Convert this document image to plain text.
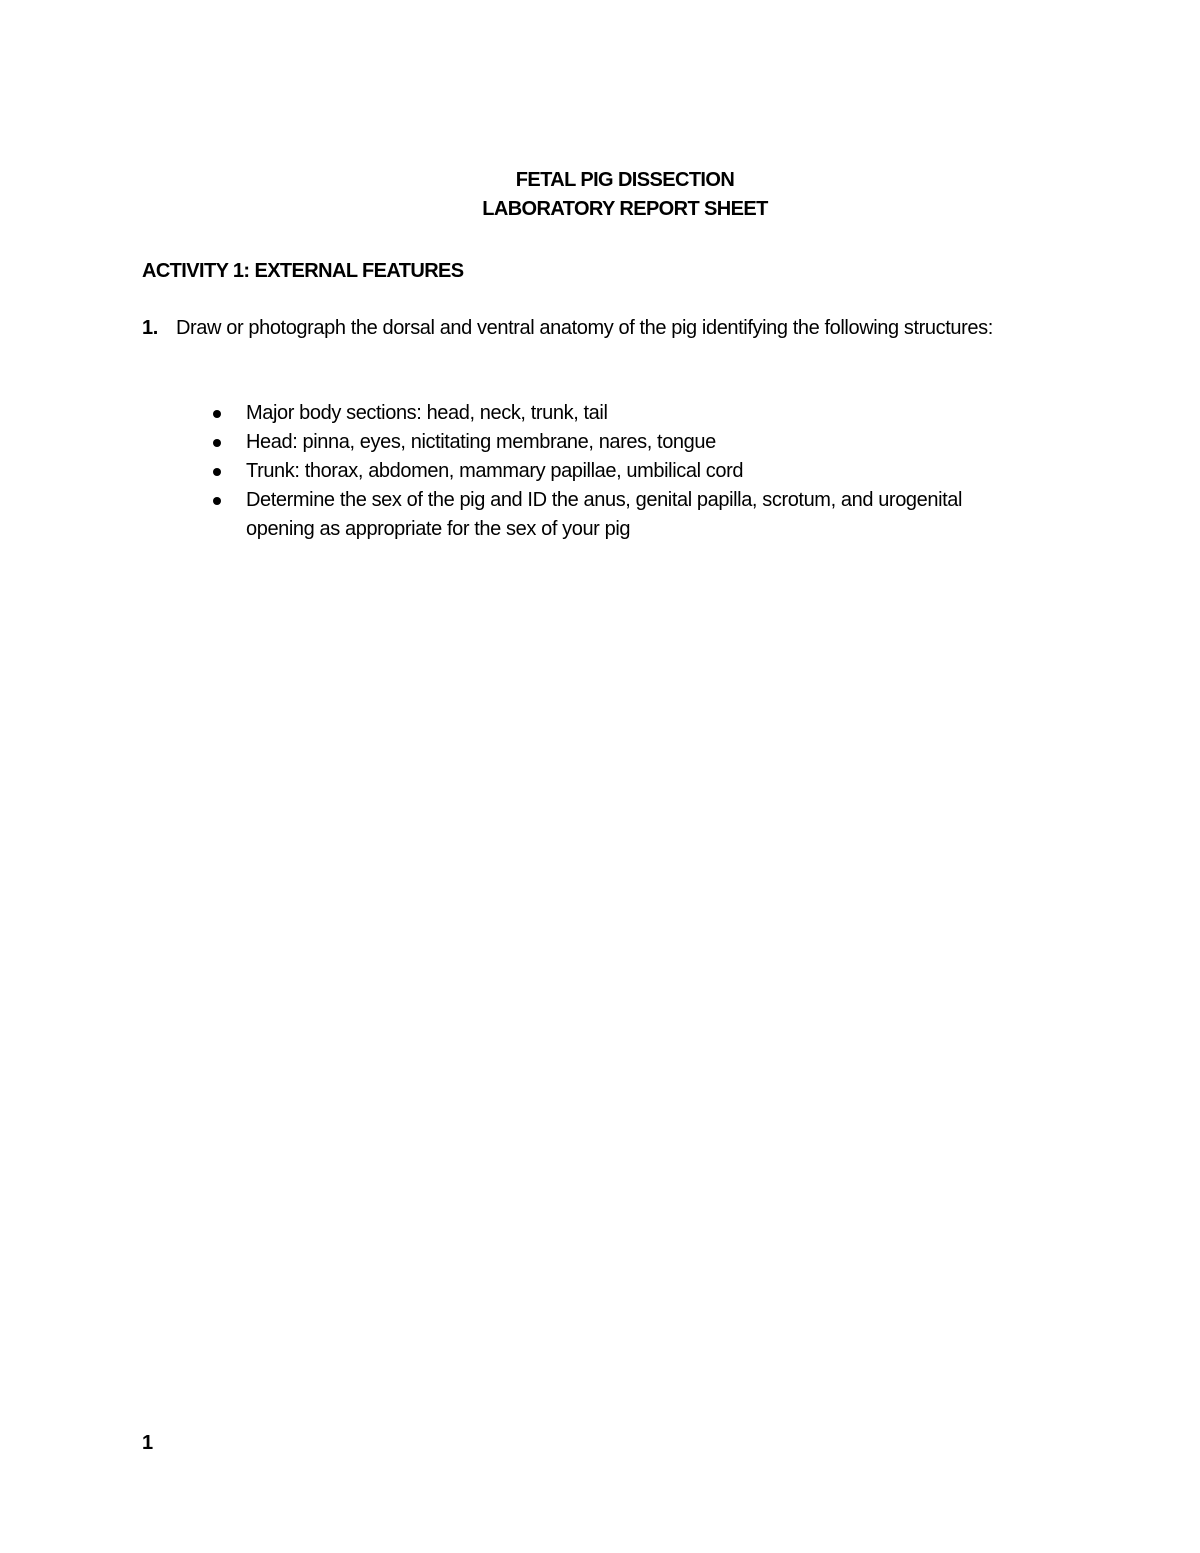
FETAL PIG DISSECTION
LABORATORY REPORT SHEET
ACTIVITY 1: EXTERNAL FEATURES
1. Draw or photograph the dorsal and ventral anatomy of the pig identifying the following structures:
Major body sections: head, neck, trunk, tail
Head: pinna, eyes, nictitating membrane, nares, tongue
Trunk: thorax, abdomen, mammary papillae, umbilical cord
Determine the sex of the pig and ID the anus, genital papilla, scrotum, and urogenital opening as appropriate for the sex of your pig
1
